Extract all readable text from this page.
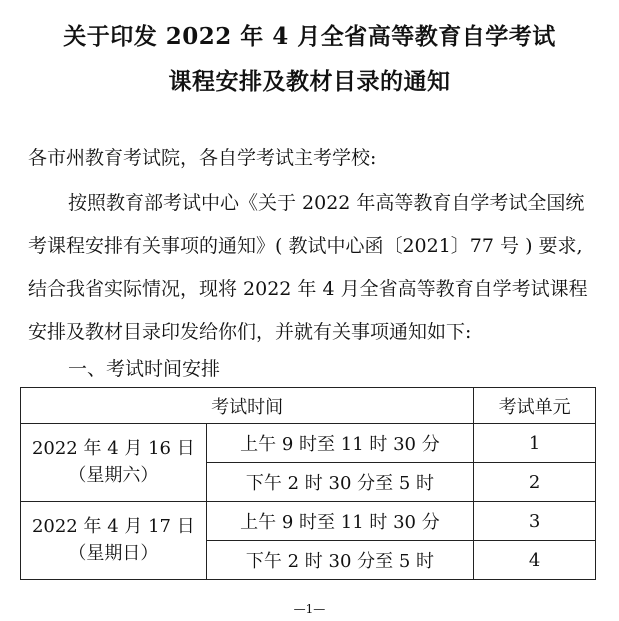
关于印发 2022 年 4 月全省高等教育自学考试
课程安排及教材目录的通知
各市州教育考试院，各自学考试主考学校:
按照教育部考试中心《关于 2022 年高等教育自学考试全国统
考课程安排有关事项的通知》( 教试中心函〔2021〕77 号 ) 要求,
结合我省实际情况，现将 2022 年 4 月全省高等教育自学考试课程
安排及教材目录印发给你们，并就有关事项通知如下:
一、考试时间安排
考试时间		考试单元

2022 年 4 月 16 日
（星期六）	上午 9 时至 11 时 30 分	1
	下午 2 时 30 分至 5 时	2

2022 年 4 月 17 日
（星期日）	上午 9 时至 11 时 30 分	3
	下午 2 时 30 分至 5 时	4
—1—
